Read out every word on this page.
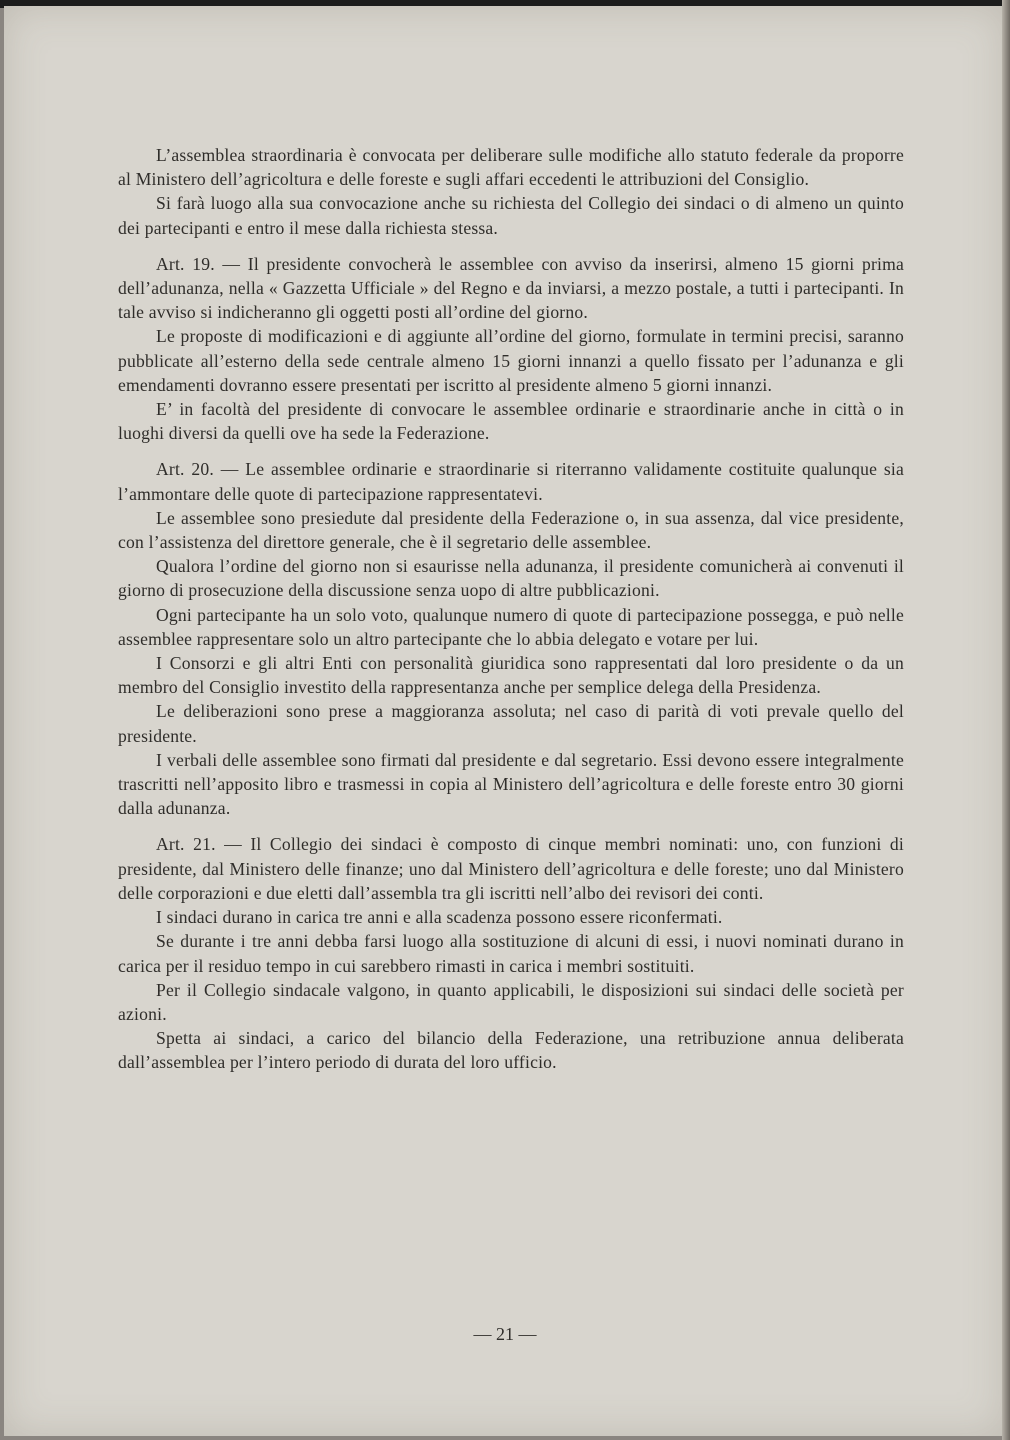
L’assemblea straordinaria è convocata per deliberare sulle modifiche allo statuto federale da proporre al Ministero dell’agricoltura e delle foreste e sugli affari eccedenti le attribuzioni del Consiglio.

Si farà luogo alla sua convocazione anche su richiesta del Collegio dei sindaci o di almeno un quinto dei partecipanti e entro il mese dalla richiesta stessa.

Art. 19. — Il presidente convocherà le assemblee con avviso da inserirsi, almeno 15 giorni prima dell’adunanza, nella « Gazzetta Ufficiale » del Regno e da inviarsi, a mezzo postale, a tutti i partecipanti. In tale avviso si indicheranno gli oggetti posti all’ordine del giorno.

Le proposte di modificazioni e di aggiunte all’ordine del giorno, formulate in termini precisi, saranno pubblicate all’esterno della sede centrale almeno 15 giorni innanzi a quello fissato per l’adunanza e gli emendamenti dovranno essere presentati per iscritto al presidente almeno 5 giorni innanzi.

E’ in facoltà del presidente di convocare le assemblee ordinarie e straordinarie anche in città o in luoghi diversi da quelli ove ha sede la Federazione.

Art. 20. — Le assemblee ordinarie e straordinarie si riterranno validamente costituite qualunque sia l’ammontare delle quote di partecipazione rappresentatevi.

Le assemblee sono presiedute dal presidente della Federazione o, in sua assenza, dal vice presidente, con l’assistenza del direttore generale, che è il segretario delle assemblee.

Qualora l’ordine del giorno non si esaurisse nella adunanza, il presidente comunicherà ai convenuti il giorno di prosecuzione della discussione senza uopo di altre pubblicazioni.

Ogni partecipante ha un solo voto, qualunque numero di quote di partecipazione possegga, e può nelle assemblee rappresentare solo un altro partecipante che lo abbia delegato e votare per lui.

I Consorzi e gli altri Enti con personalità giuridica sono rappresentati dal loro presidente o da un membro del Consiglio investito della rappresentanza anche per semplice delega della Presidenza.

Le deliberazioni sono prese a maggioranza assoluta; nel caso di parità di voti prevale quello del presidente.

I verbali delle assemblee sono firmati dal presidente e dal segretario. Essi devono essere integralmente trascritti nell’apposito libro e trasmessi in copia al Ministero dell’agricoltura e delle foreste entro 30 giorni dalla adunanza.

Art. 21. — Il Collegio dei sindaci è composto di cinque membri nominati: uno, con funzioni di presidente, dal Ministero delle finanze; uno dal Ministero dell’agricoltura e delle foreste; uno dal Ministero delle corporazioni e due eletti dall’assembla tra gli iscritti nell’albo dei revisori dei conti.

I sindaci durano in carica tre anni e alla scadenza possono essere riconfermati.

Se durante i tre anni debba farsi luogo alla sostituzione di alcuni di essi, i nuovi nominati durano in carica per il residuo tempo in cui sarebbero rimasti in carica i membri sostituiti.

Per il Collegio sindacale valgono, in quanto applicabili, le disposizioni sui sindaci delle società per azioni.

Spetta ai sindaci, a carico del bilancio della Federazione, una retribuzione annua deliberata dall’assemblea per l’intero periodo di durata del loro ufficio.

— 21 —
